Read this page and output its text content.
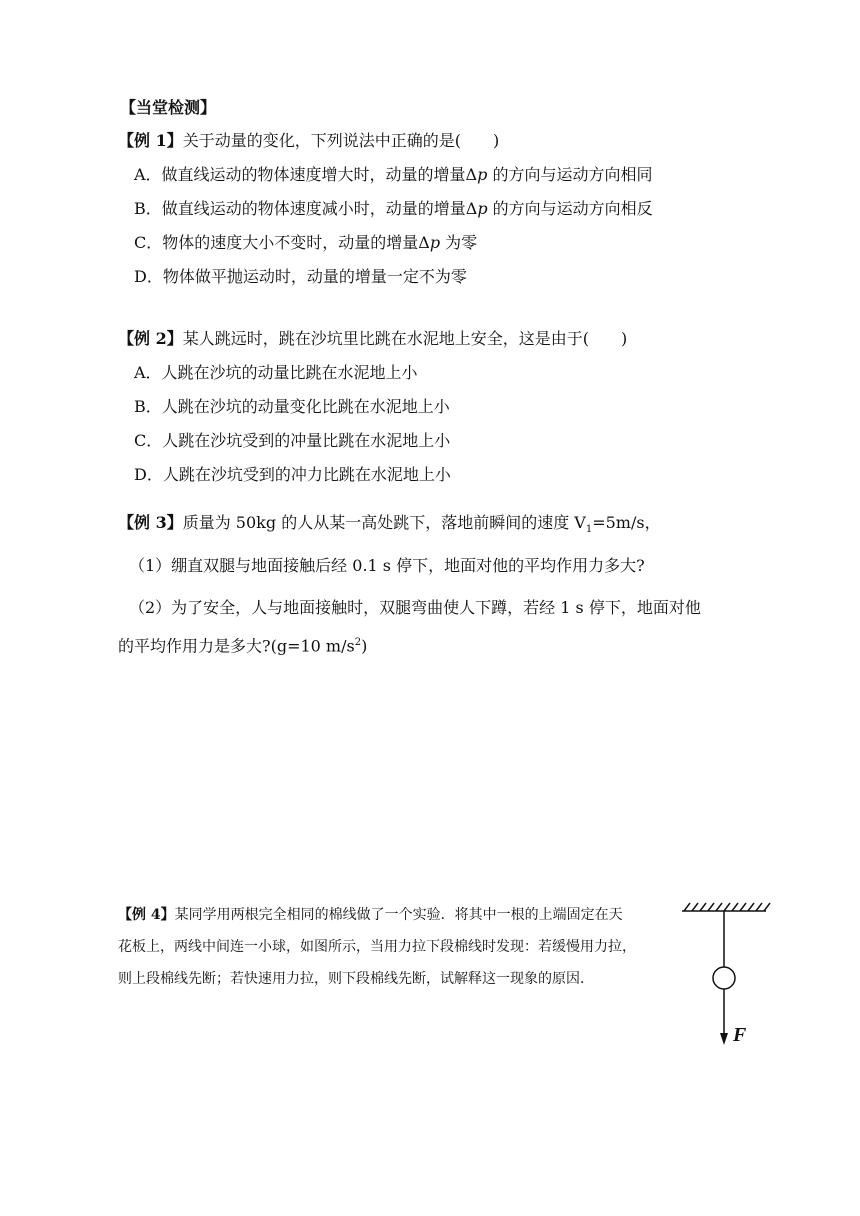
【当堂检测】
【例 1】关于动量的变化，下列说法中正确的是(　　)
A．做直线运动的物体速度增大时，动量的增量Δp 的方向与运动方向相同
B．做直线运动的物体速度减小时，动量的增量Δp 的方向与运动方向相反
C．物体的速度大小不变时，动量的增量Δp 为零
D．物体做平抛运动时，动量的增量一定不为零
【例 2】某人跳远时，跳在沙坑里比跳在水泥地上安全，这是由于(　　)
A．人跳在沙坑的动量比跳在水泥地上小
B．人跳在沙坑的动量变化比跳在水泥地上小
C．人跳在沙坑受到的冲量比跳在水泥地上小
D．人跳在沙坑受到的冲力比跳在水泥地上小
【例 3】质量为 50kg 的人从某一高处跳下，落地前瞬间的速度 $V_1=5m/s$，
（1）绷直双腿与地面接触后经 0.1 s 停下，地面对他的平均作用力多大?
（2）为了安全，人与地面接触时，双腿弯曲使人下蹲，若经 1 s 停下，地面对他
的平均作用力是多大?(g=10 $m/s^2$)
【例 4】某同学用两根完全相同的棉线做了一个实验．将其中一根的上端固定在天
花板上，两线中间连一小球，如图所示，当用力拉下段棉线时发现：若缓慢用力拉，
则上段棉线先断；若快速用力拉，则下段棉线先断，试解释这一现象的原因．
F
